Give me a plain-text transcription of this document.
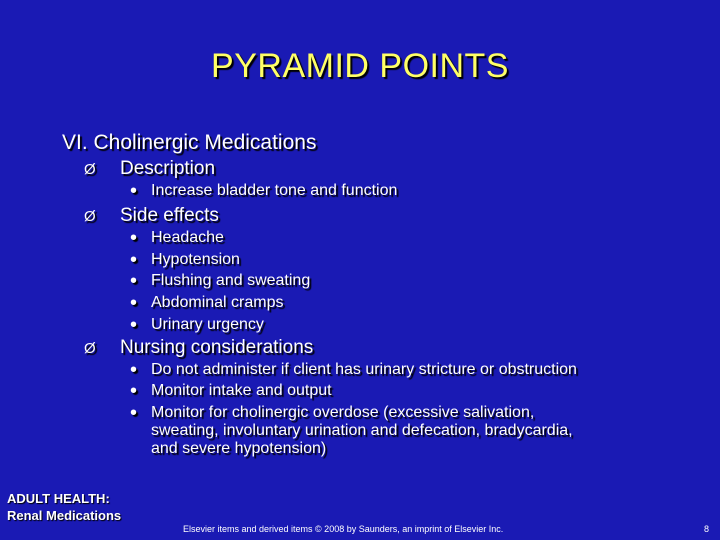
PYRAMID POINTS
VI. Cholinergic Medications
Ø Description
• Increase bladder tone and function
Ø Side effects
• Headache
• Hypotension
• Flushing and sweating
• Abdominal cramps
• Urinary urgency
Ø Nursing considerations
• Do not administer if client has urinary stricture or obstruction
• Monitor intake and output
• Monitor for cholinergic overdose (excessive salivation,
sweating, involuntary urination and defecation, bradycardia,
and severe hypotension)
ADULT HEALTH:
Renal Medications
Elsevier items and derived items © 2008 by Saunders, an imprint of Elsevier Inc.	8
